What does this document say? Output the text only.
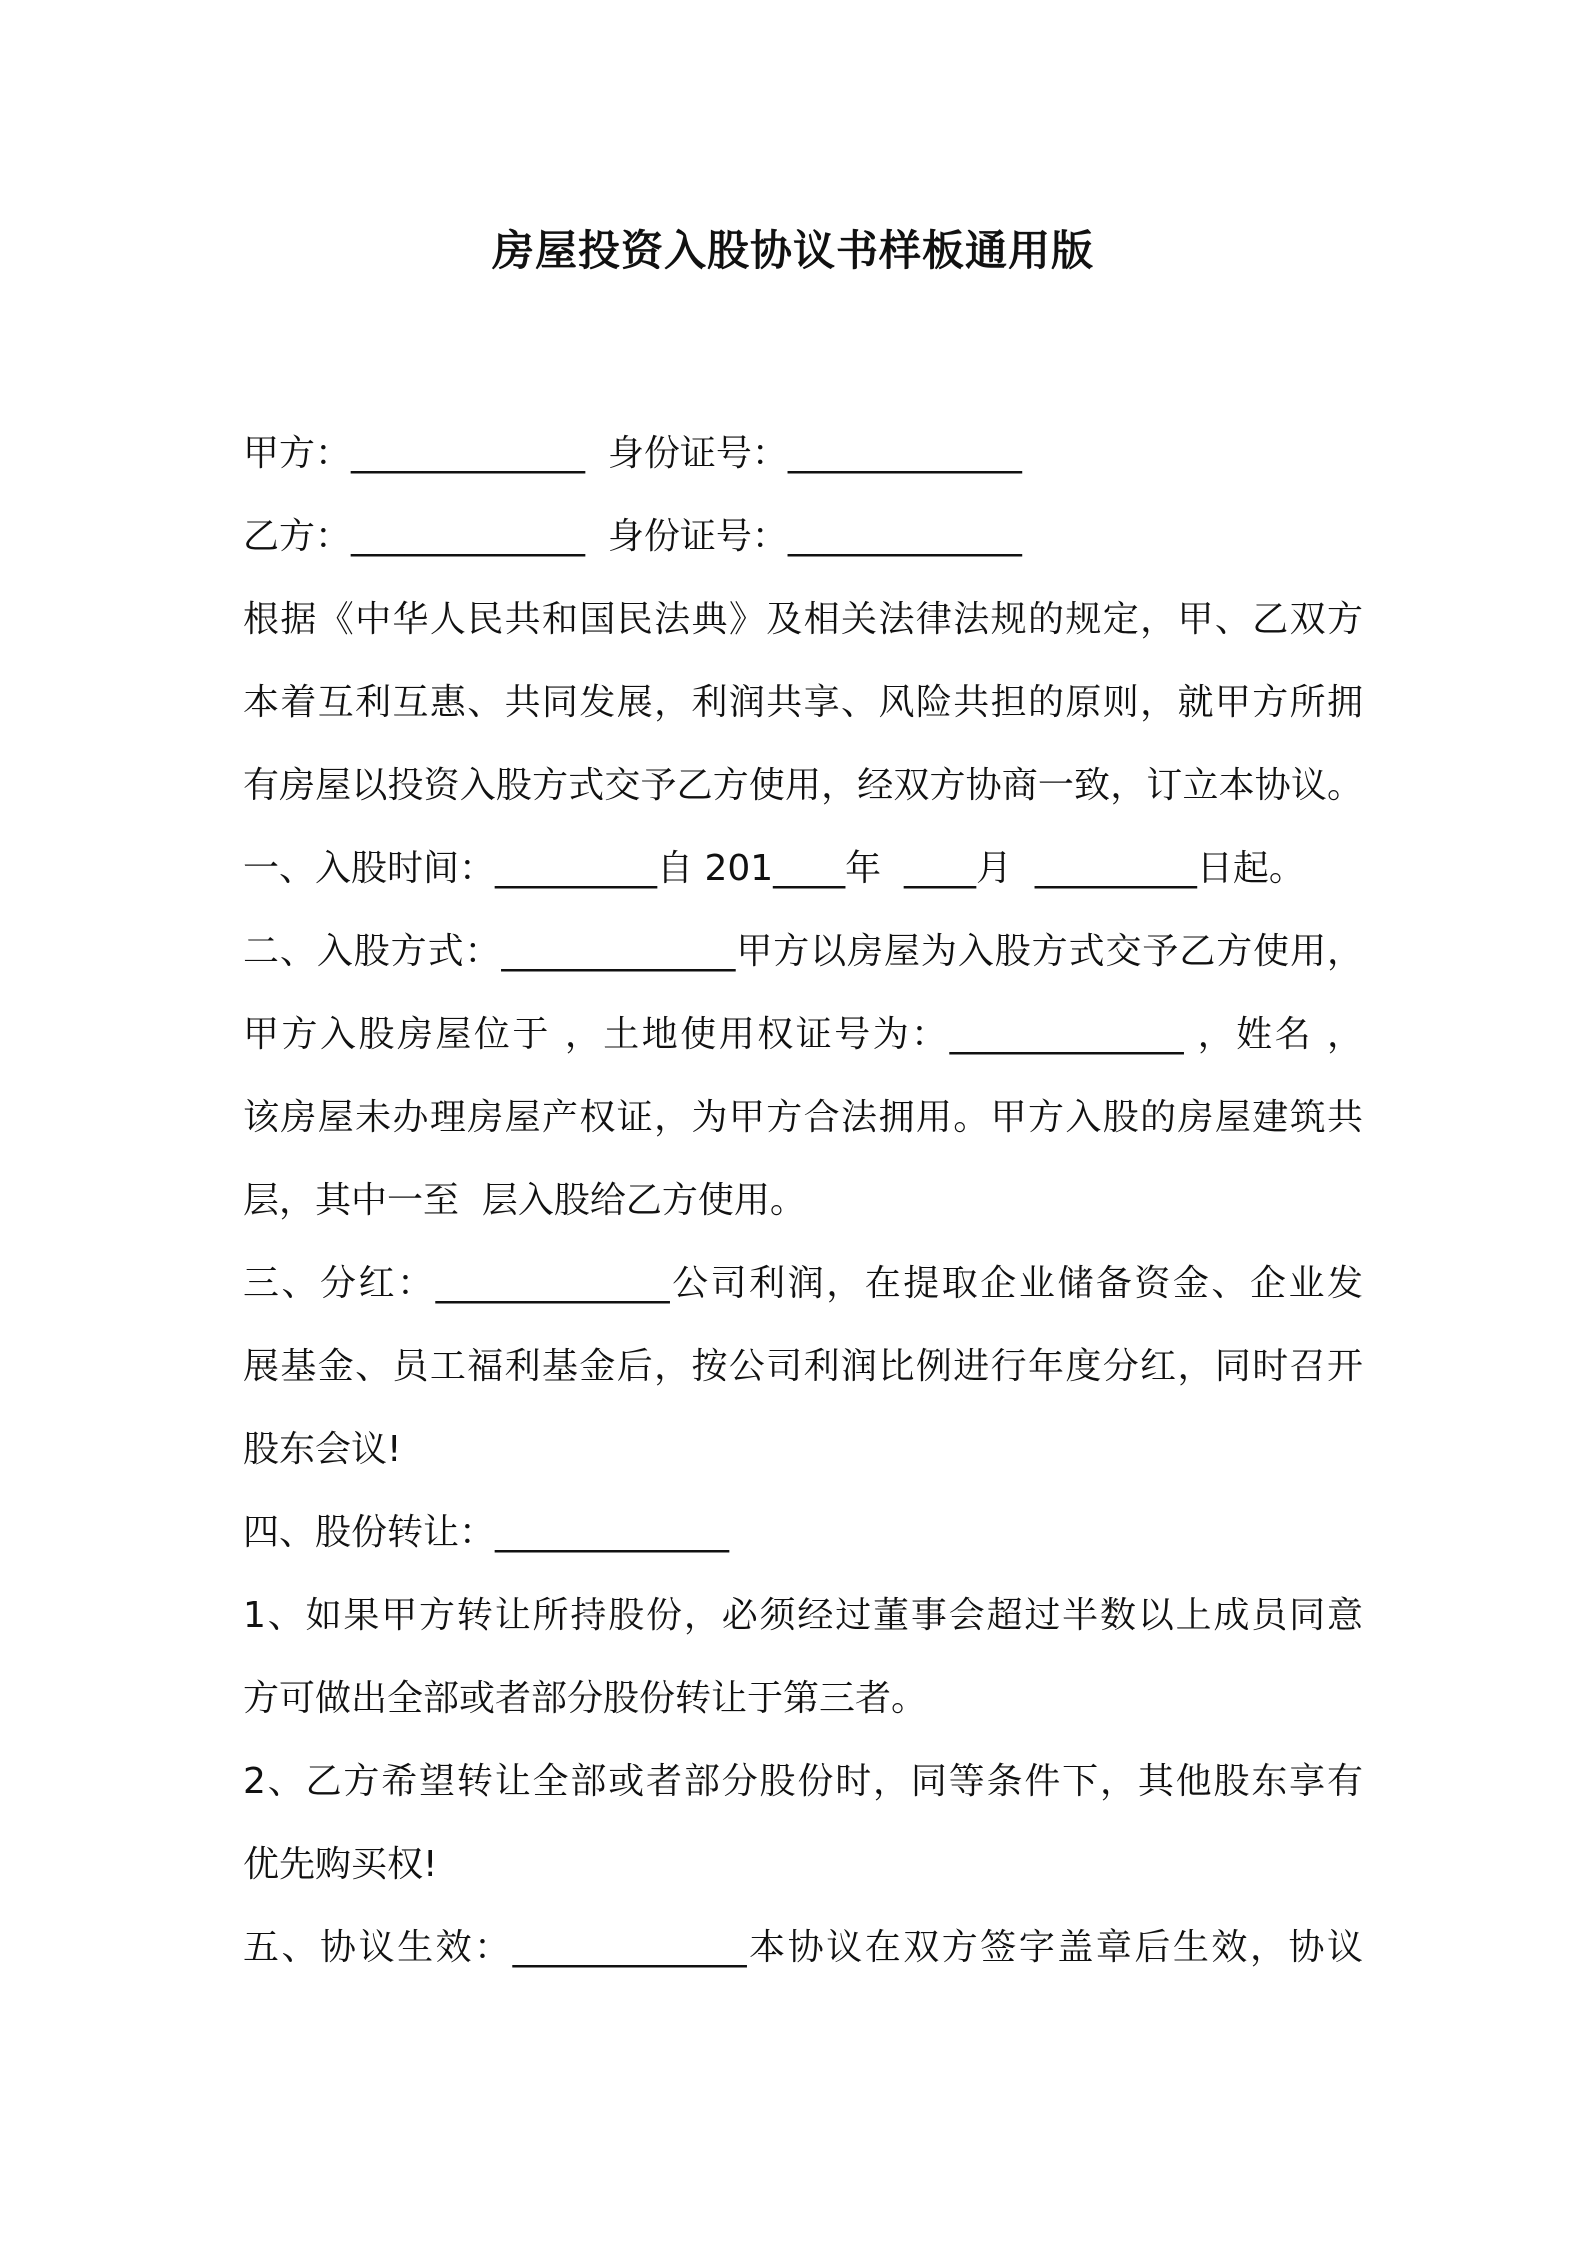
房屋投资入股协议书样板通用版

甲方：_____________  身份证号：_____________

乙方：_____________  身份证号：_____________

根据《中华人民共和国民法典》及相关法律法规的规定，甲、乙双方

本着互利互惠、共同发展，利润共享、风险共担的原则，就甲方所拥

有房屋以投资入股方式交予乙方使用，经双方协商一致，订立本协议。

一、入股时间：_________自 201____年  ____月  _________日起。

二、入股方式：_____________甲方以房屋为入股方式交予乙方使用，

甲方入股房屋位于 ，土地使用权证号为：_____________ ，姓名 ，

该房屋未办理房屋产权证，为甲方合法拥用。甲方入股的房屋建筑共

层，其中一至  层入股给乙方使用。

三、分红：_____________公司利润，在提取企业储备资金、企业发

展基金、员工福利基金后，按公司利润比例进行年度分红，同时召开

股东会议!

四、股份转让：_____________

1、如果甲方转让所持股份，必须经过董事会超过半数以上成员同意

方可做出全部或者部分股份转让于第三者。

2、乙方希望转让全部或者部分股份时，同等条件下，其他股东享有

优先购买权!

五、协议生效：_____________本协议在双方签字盖章后生效，协议
